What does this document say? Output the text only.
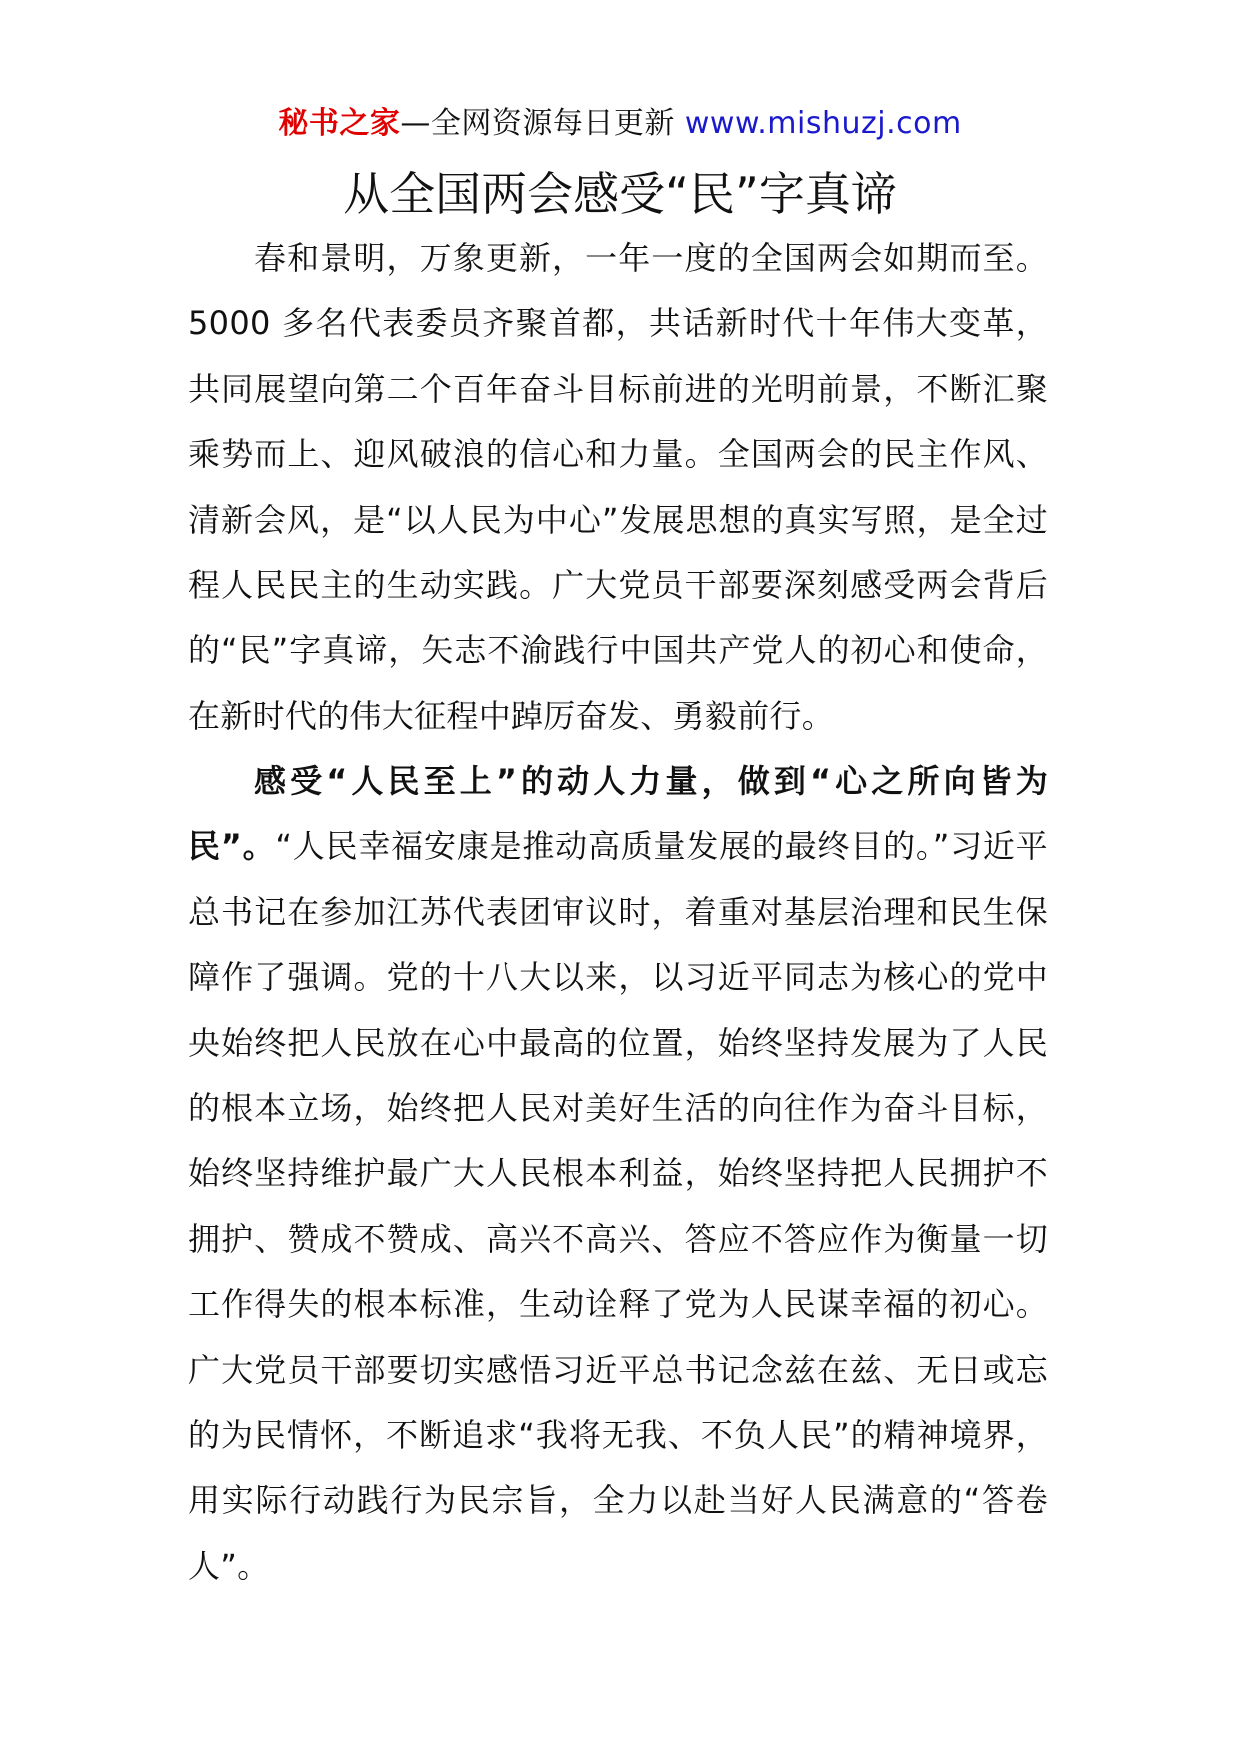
秘书之家—全网资源每日更新 www.mishuzj.com
从全国两会感受“民”字真谛

春和景明，万象更新，一年一度的全国两会如期而至。5000 多名代表委员齐聚首都，共话新时代十年伟大变革，共同展望向第二个百年奋斗目标前进的光明前景，不断汇聚乘势而上、迎风破浪的信心和力量。全国两会的民主作风、清新会风，是“以人民为中心”发展思想的真实写照，是全过程人民民主的生动实践。广大党员干部要深刻感受两会背后的“民”字真谛，矢志不渝践行中国共产党人的初心和使命，在新时代的伟大征程中踔厉奋发、勇毅前行。

感受“人民至上”的动人力量，做到“心之所向皆为民”。“人民幸福安康是推动高质量发展的最终目的。”习近平总书记在参加江苏代表团审议时，着重对基层治理和民生保障作了强调。党的十八大以来，以习近平同志为核心的党中央始终把人民放在心中最高的位置，始终坚持发展为了人民的根本立场，始终把人民对美好生活的向往作为奋斗目标，始终坚持维护最广大人民根本利益，始终坚持把人民拥护不拥护、赞成不赞成、高兴不高兴、答应不答应作为衡量一切工作得失的根本标准，生动诠释了党为人民谋幸福的初心。广大党员干部要切实感悟习近平总书记念兹在兹、无日或忘的为民情怀，不断追求“我将无我、不负人民”的精神境界，用实际行动践行为民宗旨，全力以赴当好人民满意的“答卷人”。
